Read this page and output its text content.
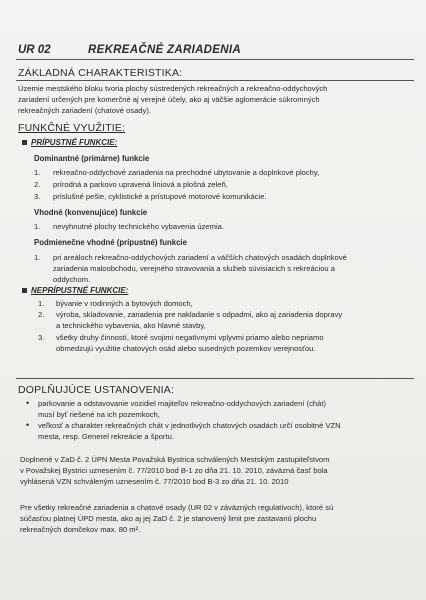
UR 02	REKREAČNÉ ZARIADENIA
ZÁKLADNÁ CHARAKTERISTIKA:
Územie mestského bloku tvoria plochy sústredených rekreačných a rekreačno-oddychových
zariadení určených pre komerčné aj verejné účely, ako aj väčšie aglomerácie súkromných
rekreačných zariadení (chatové osady).
FUNKČNÉ VYUŽITIE:
PRÍPUSTNÉ FUNKCIE:
Dominantné (primárne) funkcie
1. rekreačno-oddychové zariadenia na prechodné ubytovanie a doplnkové plochy,
2. prírodná a parkovo upravená líniová a plošná zeleň,
3. príslušné pešie, cyklistické a prístupové motorové komunikácie.
Vhodné (konvenujúce) funkcie
1. nevyhnutné plochy technického vybavenia územia.
Podmienečne vhodné (prípustné) funkcie
1. pri areáloch rekreačno-oddychových zariadení a väčších chatových osadách doplnkové
zariadenia maloobchodu, verejného stravovania a služieb súvisiacich s rekreáciou a
oddychom.
NEPRÍPUSTNÉ FUNKCIE:
1. bývanie v rodinných a bytových domoch,
2. výroba, skladovanie, zariadenia pre nakladanie s odpadmi, ako aj zariadenia dopravy
a technického vybavenia, ako hlavné stavby,
3. všetky druhy činností, ktoré svojimi negatívnymi vplyvmi priamo alebo nepriamo
obmedzujú využitie chatových osád alebo susedných pozemkov verejnosťou.
DOPLŇUJÚCE USTANOVENIA:
• parkovanie a odstavovanie vozidiel majiteľov rekreačno-oddychových zariadení (chát)
musí byť riešené na ich pozemkoch,
• veľkosť a charakter rekreačných chát v jednotlivých chatových osadách určí osobitné VZN
mesta, resp. Generel rekreácie a športu.
Doplnené v ZaD č. 2 ÚPN Mesta Považská Bystrica schválených Mestským zastupiteľstvom
v Považskej Bystrici uznesením č. 77/2010 bod B-1 zo dňa 21. 10. 2010, záväzná časť bola
vyhlásená VZN schváleným uznesením č. 77/2010 bod B-3 zo dňa 21. 10. 2010
Pre všetky rekreačné zariadenia a chatové osady (UR 02 v záväzných regulatívoch), ktoré sú
súčasťou platnej ÚPD mesta, ako aj jej ZaD č. 2 je stanovený limit pre zastavanú plochu
rekreačných domčekov max. 80 m².
